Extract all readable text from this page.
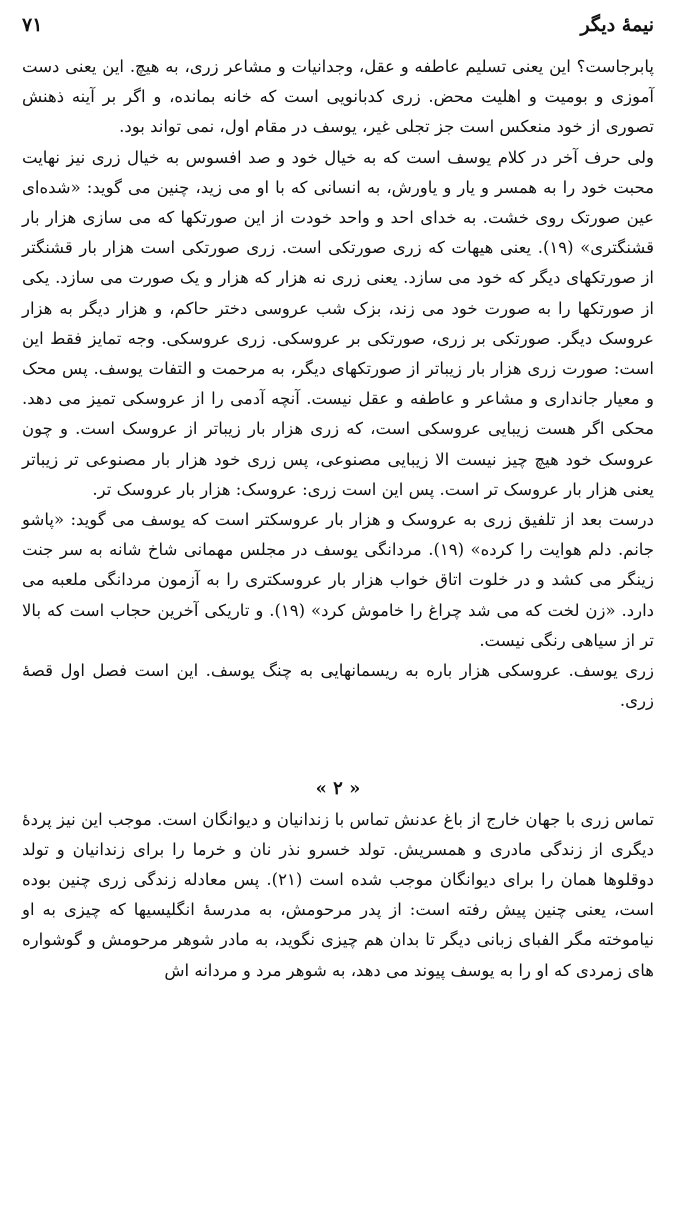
نیمهٔ دیگر
۷۱

پابرجاست؟ این یعنی تسلیم عاطفه و عقل، وجدانیات و مشاعر زری، به هیچ. این یعنی دست آموزی و بومیت و اهلیت محض. زری کدبانویی است که خانه بمانده، و اگر بر آینه ذهنش تصوری از خود منعکس است جز تجلی غیر، یوسف در مقام اول، نمی تواند بود.

ولی حرف آخر در کلام یوسف است که به خیال خود و صد افسوس به خیال زری نیز نهایت محبت خود را به همسر و یار و یاورش، به انسانی که با او می زید، چنین می گوید: «شده‌ای عین صورتک روی خشت. به خدای احد و واحد خودت از این صورتکها که می سازی هزار بار قشنگتری» (۱۹). یعنی هیهات که زری صورتکی است. زری صورتکی است هزار بار قشنگتر از صورتکهای دیگر که خود می سازد. یعنی زری نه هزار که هزار و یک صورت می سازد. یکی از صورتکها را به صورت خود می زند، بزک شب عروسی دختر حاکم، و هزار دیگر به هزار عروسک دیگر. صورتکی بر زری، صورتکی بر عروسکی. زری عروسکی. وجه تمایز فقط این است: صورت زری هزار بار زیباتر از صورتکهای دیگر، به مرحمت و التفات یوسف. پس محک و معیار جانداری و مشاعر و عاطفه و عقل نیست. آنچه آدمی را از عروسکی تمیز می دهد. محکی اگر هست زیبایی عروسکی است، که زری هزار بار زیباتر از عروسک است. و چون عروسک خود هیچ چیز نیست الا زیبایی مصنوعی، پس زری خود هزار بار مصنوعی تر زیباتر یعنی هزار بار عروسک تر است. پس این است زری: عروسک: هزار بار عروسک تر.

درست بعد از تلفیق زری به عروسک و هزار بار عروسکتر است که یوسف می گوید: «پاشو جانم. دلم هوایت را کرده» (۱۹). مردانگی یوسف در مجلس مهمانی شاخ شانه به سر جنت زینگر می کشد و در خلوت اتاق خواب هزار بار عروسکتری را به آزمون مردانگی ملعبه می دارد. «زن لخت که می شد چراغ را خاموش کرد» (۱۹). و تاریکی آخرین حجاب است که بالا تر از سیاهی رنگی نیست.

زری یوسف. عروسکی هزار باره به ریسمانهایی به چنگ یوسف. این است فصل اول قصهٔ زری.

« ۲ »

تماس زری با جهان خارج از باغ عدنش تماس با زندانیان و دیوانگان است. موجب این نیز پردهٔ دیگری از زندگی مادری و همسریش. تولد خسرو نذر نان و خرما را برای زندانیان و تولد دوقلوها همان را برای دیوانگان موجب شده است (۲۱). پس معادله زندگی زری چنین بوده است، یعنی چنین پیش رفته است: از پدر مرحومش، به مدرسهٔ انگلیسیها که چیزی به او نیاموخته مگر الفبای زبانی دیگر تا بدان هم چیزی نگوید، به مادر شوهر مرحومش و گوشواره های زمردی که او را به یوسف پیوند می دهد، به شوهر مرد و مردانه اش
